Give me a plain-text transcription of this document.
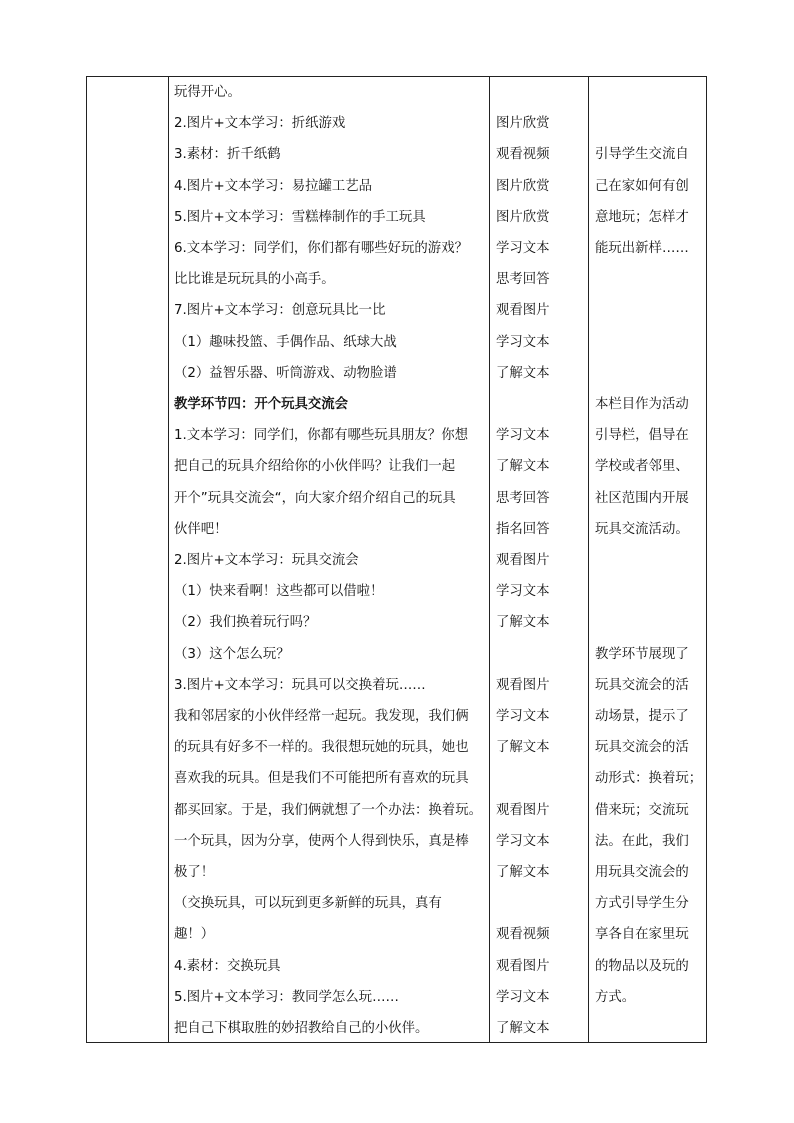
玩得开心。
2.图片+文本学习：折纸游戏
3.素材：折千纸鹤
4.图片+文本学习：易拉罐工艺品
5.图片+文本学习：雪糕棒制作的手工玩具
6.文本学习：同学们，你们都有哪些好玩的游戏？
比比谁是玩玩具的小高手。
7.图片+文本学习：创意玩具比一比
（1）趣味投篮、手偶作品、纸球大战
（2）益智乐器、听筒游戏、动物脸谱
教学环节四：开个玩具交流会
1.文本学习：同学们，你都有哪些玩具朋友？你想
把自己的玩具介绍给你的小伙伴吗？让我们一起
开个”玩具交流会“，向大家介绍介绍自己的玩具
伙伴吧！
2.图片+文本学习：玩具交流会
（1）快来看啊！这些都可以借啦！
（2）我们换着玩行吗？
（3）这个怎么玩？
3.图片+文本学习：玩具可以交换着玩……
我和邻居家的小伙伴经常一起玩。我发现，我们俩
的玩具有好多不一样的。我很想玩她的玩具，她也
喜欢我的玩具。但是我们不可能把所有喜欢的玩具
都买回家。于是，我们俩就想了一个办法：换着玩。
一个玩具，因为分享，使两个人得到快乐，真是棒
极了！
（交换玩具，可以玩到更多新鲜的玩具，真有
趣！）
4.素材：交换玩具
5.图片+文本学习：教同学怎么玩……
把自己下棋取胜的妙招教给自己的小伙伴。
图片欣赏
观看视频
图片欣赏
图片欣赏
学习文本
思考回答
观看图片
学习文本
了解文本
学习文本
了解文本
思考回答
指名回答
观看图片
学习文本
了解文本
观看图片
学习文本
了解文本
观看图片
学习文本
了解文本
观看视频
观看图片
学习文本
了解文本
引导学生交流自
己在家如何有创
意地玩；怎样才
能玩出新样……
本栏目作为活动
引导栏，倡导在
学校或者邻里、
社区范围内开展
玩具交流活动。
教学环节展现了
玩具交流会的活
动场景，提示了
玩具交流会的活
动形式：换着玩；
借来玩；交流玩
法。在此，我们
用玩具交流会的
方式引导学生分
享各自在家里玩
的物品以及玩的
方式。
